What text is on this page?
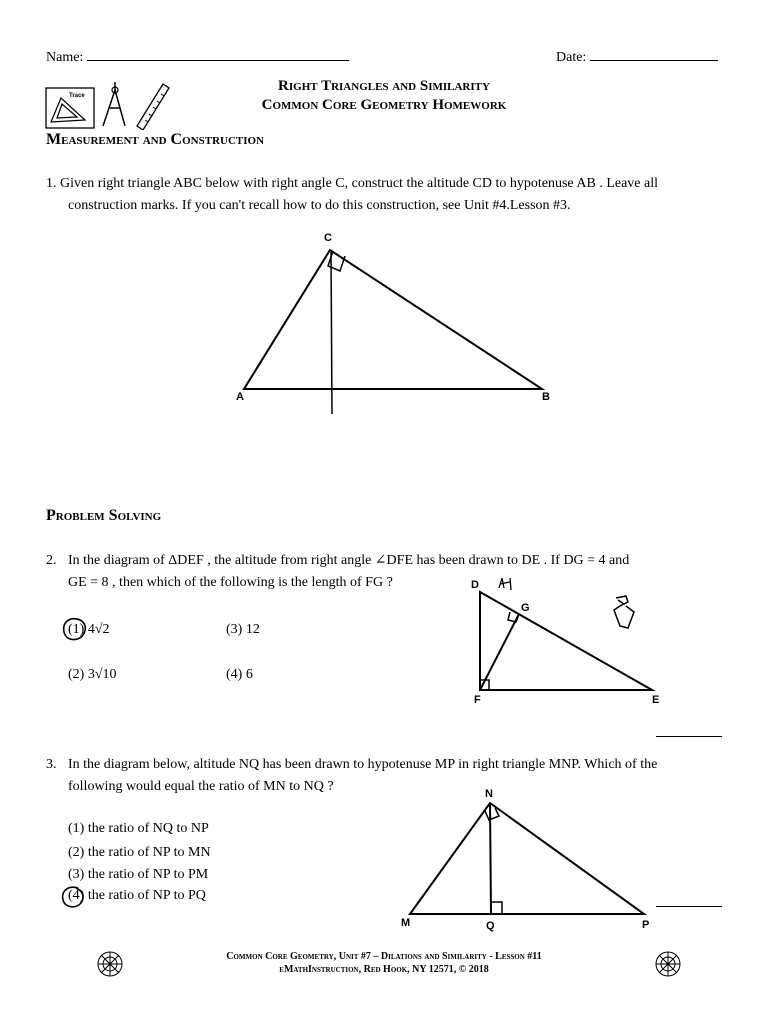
Name:	Date:
Trace
Right Triangles and Similarity
Common Core Geometry Homework
Measurement and Construction
1. Given right triangle ABC below with right angle C, construct the altitude CD to hypotenuse AB . Leave all
construction marks. If you can't recall how to do this construction, see Unit #4.Lesson #3.
C
A	B
Problem Solving
2. In the diagram of ΔDEF , the altitude from right angle ∠DFE has been drawn to DE . If DG = 4 and
GE = 8 , then which of the following is the length of FG ?
(1) 4√2	(3) 12
(2) 3√10	(4) 6
D
G
F	E
3. In the diagram below, altitude NQ has been drawn to hypotenuse MP in right triangle MNP. Which of the
following would equal the ratio of MN to NQ ?
(1) the ratio of NQ to NP
(2) the ratio of NP to MN
(3) the ratio of NP to PM
(4) the ratio of NP to PQ
N
M	Q	P
Common Core Geometry, Unit #7 – Dilations and Similarity - Lesson #11
eMathInstruction, Red Hook, NY 12571, © 2018
